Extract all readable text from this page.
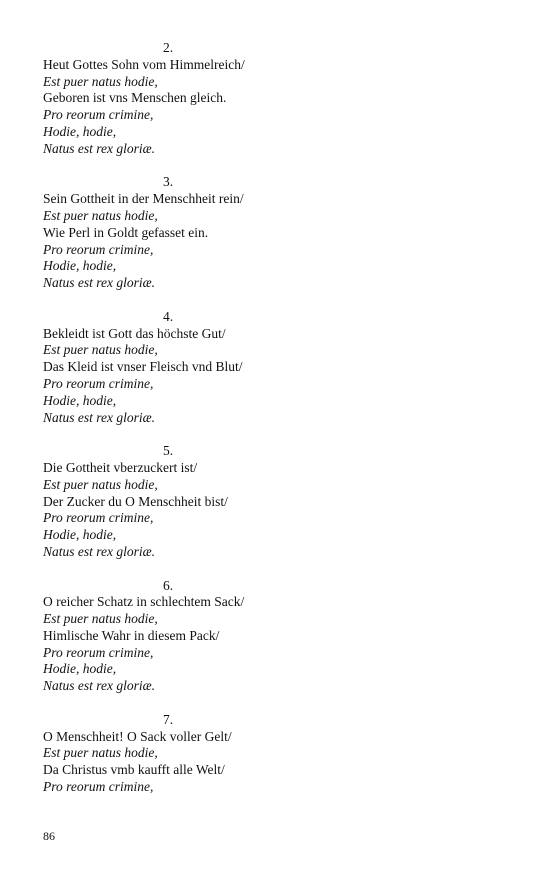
2.
Heut Gottes Sohn vom Himmelreich/
Est puer natus hodie,
Geboren ist vns Menschen gleich.
Pro reorum crimine,
Hodie, hodie,
Natus est rex gloriæ.
3.
Sein Gottheit in der Menschheit rein/
Est puer natus hodie,
Wie Perl in Goldt gefasset ein.
Pro reorum crimine,
Hodie, hodie,
Natus est rex gloriæ.
4.
Bekleidt ist Gott das höchste Gut/
Est puer natus hodie,
Das Kleid ist vnser Fleisch vnd Blut/
Pro reorum crimine,
Hodie, hodie,
Natus est rex gloriæ.
5.
Die Gottheit vberzuckert ist/
Est puer natus hodie,
Der Zucker du O Menschheit bist/
Pro reorum crimine,
Hodie, hodie,
Natus est rex gloriæ.
6.
O reicher Schatz in schlechtem Sack/
Est puer natus hodie,
Himlische Wahr in diesem Pack/
Pro reorum crimine,
Hodie, hodie,
Natus est rex gloriæ.
7.
O Menschheit! O Sack voller Gelt/
Est puer natus hodie,
Da Christus vmb kaufft alle Welt/
Pro reorum crimine,
86
